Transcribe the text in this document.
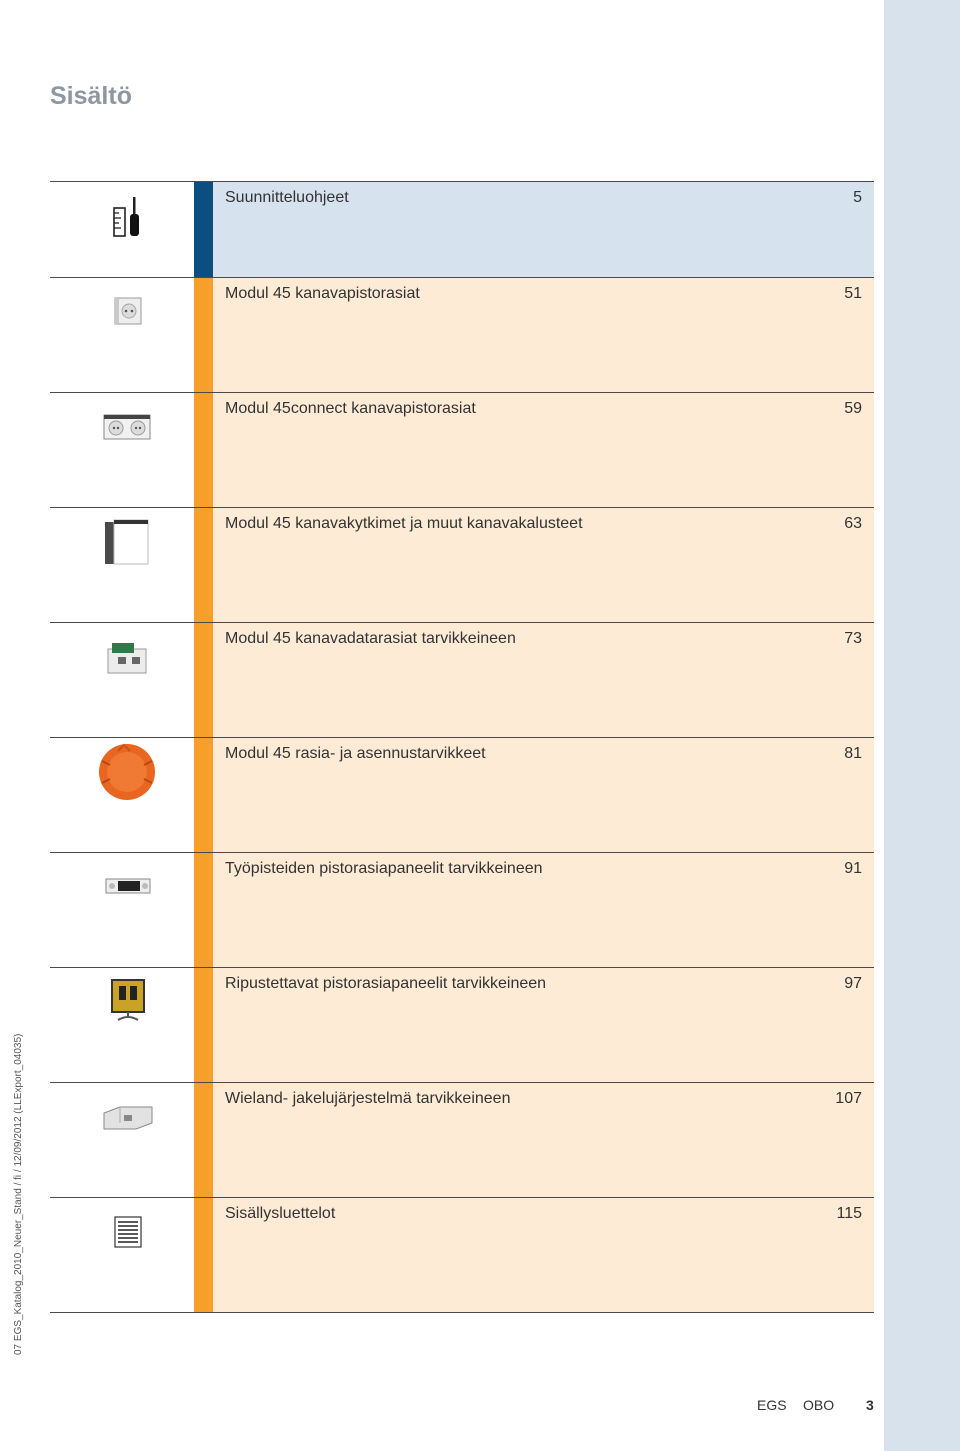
Sisältö
Suunnitteluohjeet	5
Modul 45 kanavapistorasiat	51
Modul 45connect kanavapistorasiat	59
Modul 45 kanavakytkimet ja muut kanavakalusteet	63
Modul 45 kanavadatarasiat tarvikkeineen	73
Modul 45 rasia- ja asennustarvikkeet	81
Työpisteiden pistorasiapaneelit tarvikkeineen	91
Ripustettavat pistorasiapaneelit tarvikkeineen	97
Wieland- jakelujärjestelmä tarvikkeineen	107
Sisällysluettelot	115
07 EGS_Katalog_2010_Neuer_Stand / fi / 12/09/2012 (LLExport_04035)
EGS OBO 3
